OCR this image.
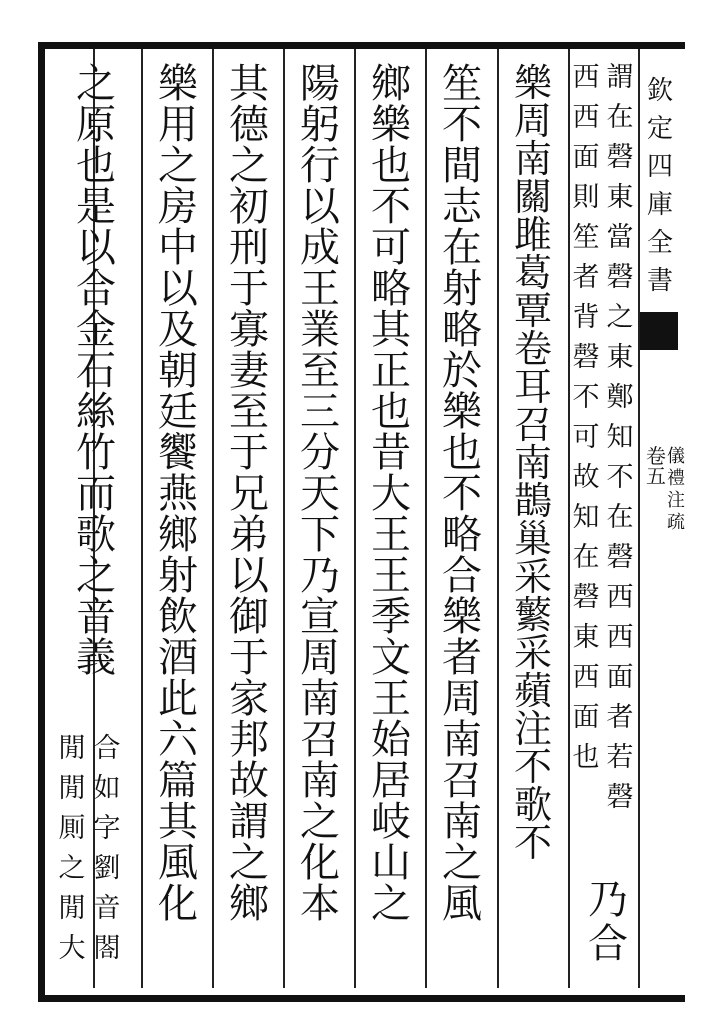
欽
定
四
庫
全
書
卷
五
儀
禮
注
疏
謂
在
磬
東
當
磬
之
東
鄭
知
不
在
磬
西
西
面
者
若
磬
西
西
面
則
笙
者
背
磬
不
可
故
知
在
磬
東
西
面
也
樂
周
南
關
雎
葛
覃
卷
耳
召
南
鵲
巢
采
蘩
采
蘋
注
不
歌
不
乃
合
笙
不
間
志
在
射
略
於
樂
也
不
略
合
樂
者
周
南
召
南
之
風
鄉
樂
也
不
可
略
其
正
也
昔
大
王
王
季
文
王
始
居
岐
山
之
陽
躬
行
以
成
王
業
至
三
分
天
下
乃
宣
周
南
召
南
之
化
本
其
德
之
初
刑
于
寡
妻
至
于
兄
弟
以
御
于
家
邦
故
謂
之
鄉
樂
用
之
房
中
以
及
朝
廷
饗
燕
鄉
射
飲
酒
此
六
篇
其
風
化
之
原
也
是
以
合
金
石
絲
竹
而
歌
之
音
義
合
如
字
劉
音
閤
閒
閒
厠
之
閒
大
